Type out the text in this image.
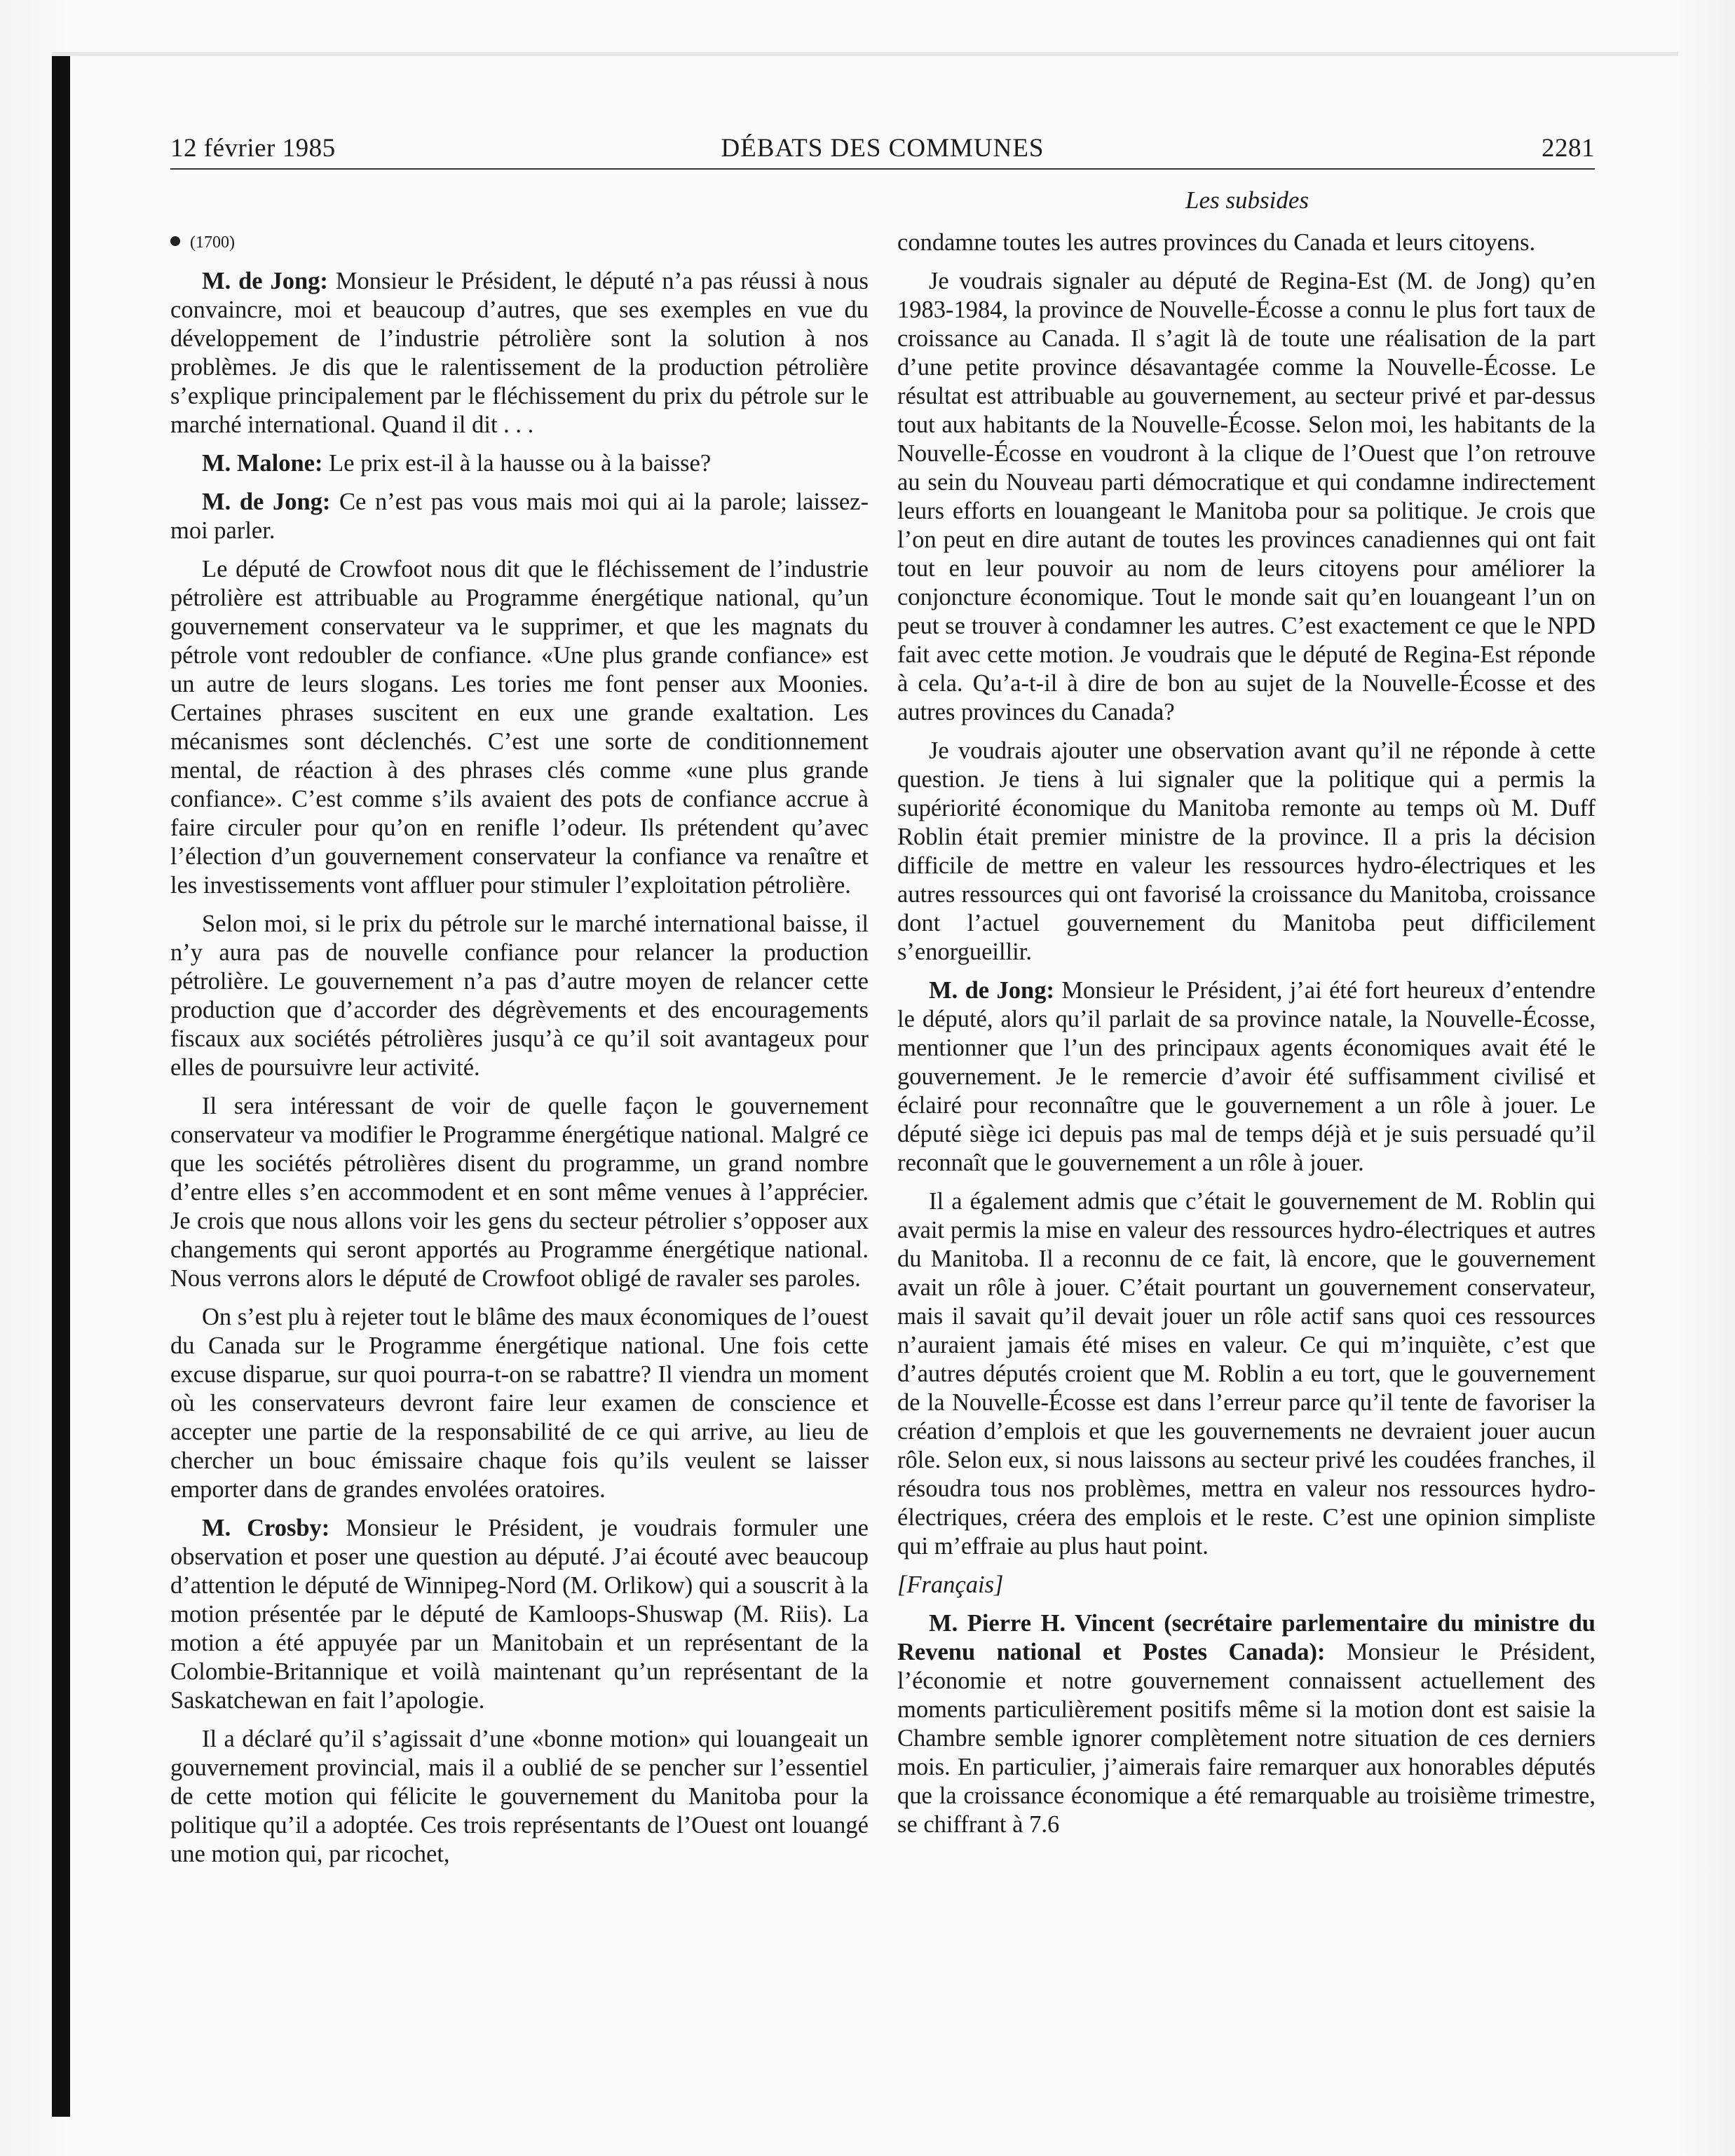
12 février 1985	DÉBATS DES COMMUNES	2281
Les subsides

(1700)

M. de Jong: Monsieur le Président, le député n’a pas réussi à nous convaincre, moi et beaucoup d’autres, que ses exemples en vue du développement de l’industrie pétrolière sont la solution à nos problèmes. Je dis que le ralentissement de la production pétrolière s’explique principalement par le fléchissement du prix du pétrole sur le marché international. Quand il dit . . .

M. Malone: Le prix est-il à la hausse ou à la baisse?

M. de Jong: Ce n’est pas vous mais moi qui ai la parole; laissez-moi parler.

Le député de Crowfoot nous dit que le fléchissement de l’industrie pétrolière est attribuable au Programme énergétique national, qu’un gouvernement conservateur va le supprimer, et que les magnats du pétrole vont redoubler de confiance. «Une plus grande confiance» est un autre de leurs slogans. Les tories me font penser aux Moonies. Certaines phrases suscitent en eux une grande exaltation. Les mécanismes sont déclenchés. C’est une sorte de conditionnement mental, de réaction à des phrases clés comme «une plus grande confiance». C’est comme s’ils avaient des pots de confiance accrue à faire circuler pour qu’on en renifle l’odeur. Ils prétendent qu’avec l’élection d’un gouvernement conservateur la confiance va renaître et les investissements vont affluer pour stimuler l’exploitation pétrolière.

Selon moi, si le prix du pétrole sur le marché international baisse, il n’y aura pas de nouvelle confiance pour relancer la production pétrolière. Le gouvernement n’a pas d’autre moyen de relancer cette production que d’accorder des dégrèvements et des encouragements fiscaux aux sociétés pétrolières jusqu’à ce qu’il soit avantageux pour elles de poursuivre leur activité.

Il sera intéressant de voir de quelle façon le gouvernement conservateur va modifier le Programme énergétique national. Malgré ce que les sociétés pétrolières disent du programme, un grand nombre d’entre elles s’en accommodent et en sont même venues à l’apprécier. Je crois que nous allons voir les gens du secteur pétrolier s’opposer aux changements qui seront apportés au Programme énergétique national. Nous verrons alors le député de Crowfoot obligé de ravaler ses paroles.

On s’est plu à rejeter tout le blâme des maux économiques de l’ouest du Canada sur le Programme énergétique national. Une fois cette excuse disparue, sur quoi pourra-t-on se rabattre? Il viendra un moment où les conservateurs devront faire leur examen de conscience et accepter une partie de la responsabilité de ce qui arrive, au lieu de chercher un bouc émissaire chaque fois qu’ils veulent se laisser emporter dans de grandes envolées oratoires.

M. Crosby: Monsieur le Président, je voudrais formuler une observation et poser une question au député. J’ai écouté avec beaucoup d’attention le député de Winnipeg-Nord (M. Orlikow) qui a souscrit à la motion présentée par le député de Kamloops-Shuswap (M. Riis). La motion a été appuyée par un Manitobain et un représentant de la Colombie-Britannique et voilà maintenant qu’un représentant de la Saskatchewan en fait l’apologie.

Il a déclaré qu’il s’agissait d’une «bonne motion» qui louangeait un gouvernement provincial, mais il a oublié de se pencher sur l’essentiel de cette motion qui félicite le gouvernement du Manitoba pour la politique qu’il a adoptée. Ces trois représentants de l’Ouest ont louangé une motion qui, par ricochet,

condamne toutes les autres provinces du Canada et leurs citoyens.

Je voudrais signaler au député de Regina-Est (M. de Jong) qu’en 1983-1984, la province de Nouvelle-Écosse a connu le plus fort taux de croissance au Canada. Il s’agit là de toute une réalisation de la part d’une petite province désavantagée comme la Nouvelle-Écosse. Le résultat est attribuable au gouvernement, au secteur privé et par-dessus tout aux habitants de la Nouvelle-Écosse. Selon moi, les habitants de la Nouvelle-Écosse en voudront à la clique de l’Ouest que l’on retrouve au sein du Nouveau parti démocratique et qui condamne indirectement leurs efforts en louangeant le Manitoba pour sa politique. Je crois que l’on peut en dire autant de toutes les provinces canadiennes qui ont fait tout en leur pouvoir au nom de leurs citoyens pour améliorer la conjoncture économique. Tout le monde sait qu’en louangeant l’un on peut se trouver à condamner les autres. C’est exactement ce que le NPD fait avec cette motion. Je voudrais que le député de Regina-Est réponde à cela. Qu’a-t-il à dire de bon au sujet de la Nouvelle-Écosse et des autres provinces du Canada?

Je voudrais ajouter une observation avant qu’il ne réponde à cette question. Je tiens à lui signaler que la politique qui a permis la supériorité économique du Manitoba remonte au temps où M. Duff Roblin était premier ministre de la province. Il a pris la décision difficile de mettre en valeur les ressources hydro-électriques et les autres ressources qui ont favorisé la croissance du Manitoba, croissance dont l’actuel gouvernement du Manitoba peut difficilement s’enorgueillir.

M. de Jong: Monsieur le Président, j’ai été fort heureux d’entendre le député, alors qu’il parlait de sa province natale, la Nouvelle-Écosse, mentionner que l’un des principaux agents économiques avait été le gouvernement. Je le remercie d’avoir été suffisamment civilisé et éclairé pour reconnaître que le gouvernement a un rôle à jouer. Le député siège ici depuis pas mal de temps déjà et je suis persuadé qu’il reconnaît que le gouvernement a un rôle à jouer.

Il a également admis que c’était le gouvernement de M. Roblin qui avait permis la mise en valeur des ressources hydro-électriques et autres du Manitoba. Il a reconnu de ce fait, là encore, que le gouvernement avait un rôle à jouer. C’était pourtant un gouvernement conservateur, mais il savait qu’il devait jouer un rôle actif sans quoi ces ressources n’auraient jamais été mises en valeur. Ce qui m’inquiète, c’est que d’autres députés croient que M. Roblin a eu tort, que le gouvernement de la Nouvelle-Écosse est dans l’erreur parce qu’il tente de favoriser la création d’emplois et que les gouvernements ne devraient jouer aucun rôle. Selon eux, si nous laissons au secteur privé les coudées franches, il résoudra tous nos problèmes, mettra en valeur nos ressources hydro-électriques, créera des emplois et le reste. C’est une opinion simpliste qui m’effraie au plus haut point.

[Français]

M. Pierre H. Vincent (secrétaire parlementaire du ministre du Revenu national et Postes Canada): Monsieur le Président, l’économie et notre gouvernement connaissent actuellement des moments particulièrement positifs même si la motion dont est saisie la Chambre semble ignorer complètement notre situation de ces derniers mois. En particulier, j’aimerais faire remarquer aux honorables députés que la croissance économique a été remarquable au troisième trimestre, se chiffrant à 7.6
